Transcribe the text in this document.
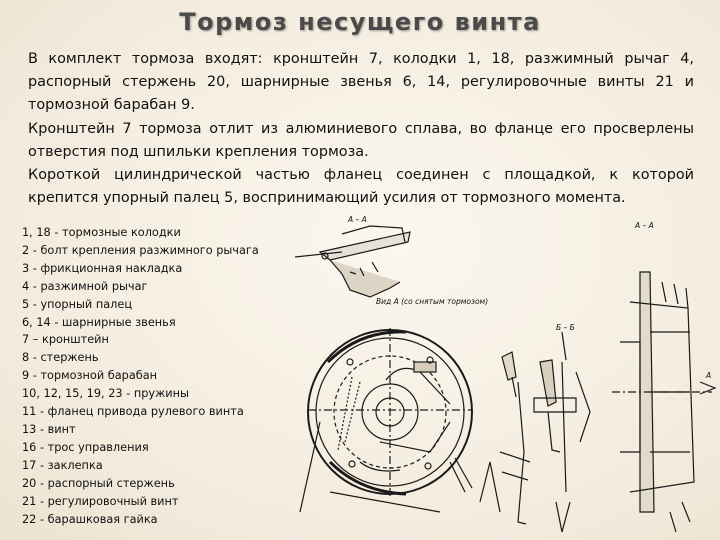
Тормоз несущего винта

В комплект тормоза входят: кронштейн 7, колодки 1, 18, разжимный рычаг 4, распорный стержень 20, шарнирные звенья 6, 14, регулировочные винты 21 и тормозной барабан 9.

Кронштейн 7 тормоза отлит из алюминиевого сплава, во фланце его просверлены отверстия под шпильки крепления тормоза.

Короткой цилиндрической частью фланец соединен с площадкой, к которой крепится упорный палец 5, воспринимающий усилия от тормозного момента.

1, 18 - тормозные колодки
2 - болт крепления разжимного рычага
3 - фрикционная накладка
4 - разжимной рычаг
5 - упорный палец
6, 14 - шарнирные звенья
7 – кронштейн
8 - стержень
9 - тормозной барабан
10, 12, 15, 19, 23 - пружины
11 - фланец привода рулевого винта
13 - винт
16 - трос управления
17 - заклепка
20 - распорный стержень
21 - регулировочный винт
22 - барашковая гайка
А – А
Вид А (со снятым тормозом)
Б – Б
А – А
А
